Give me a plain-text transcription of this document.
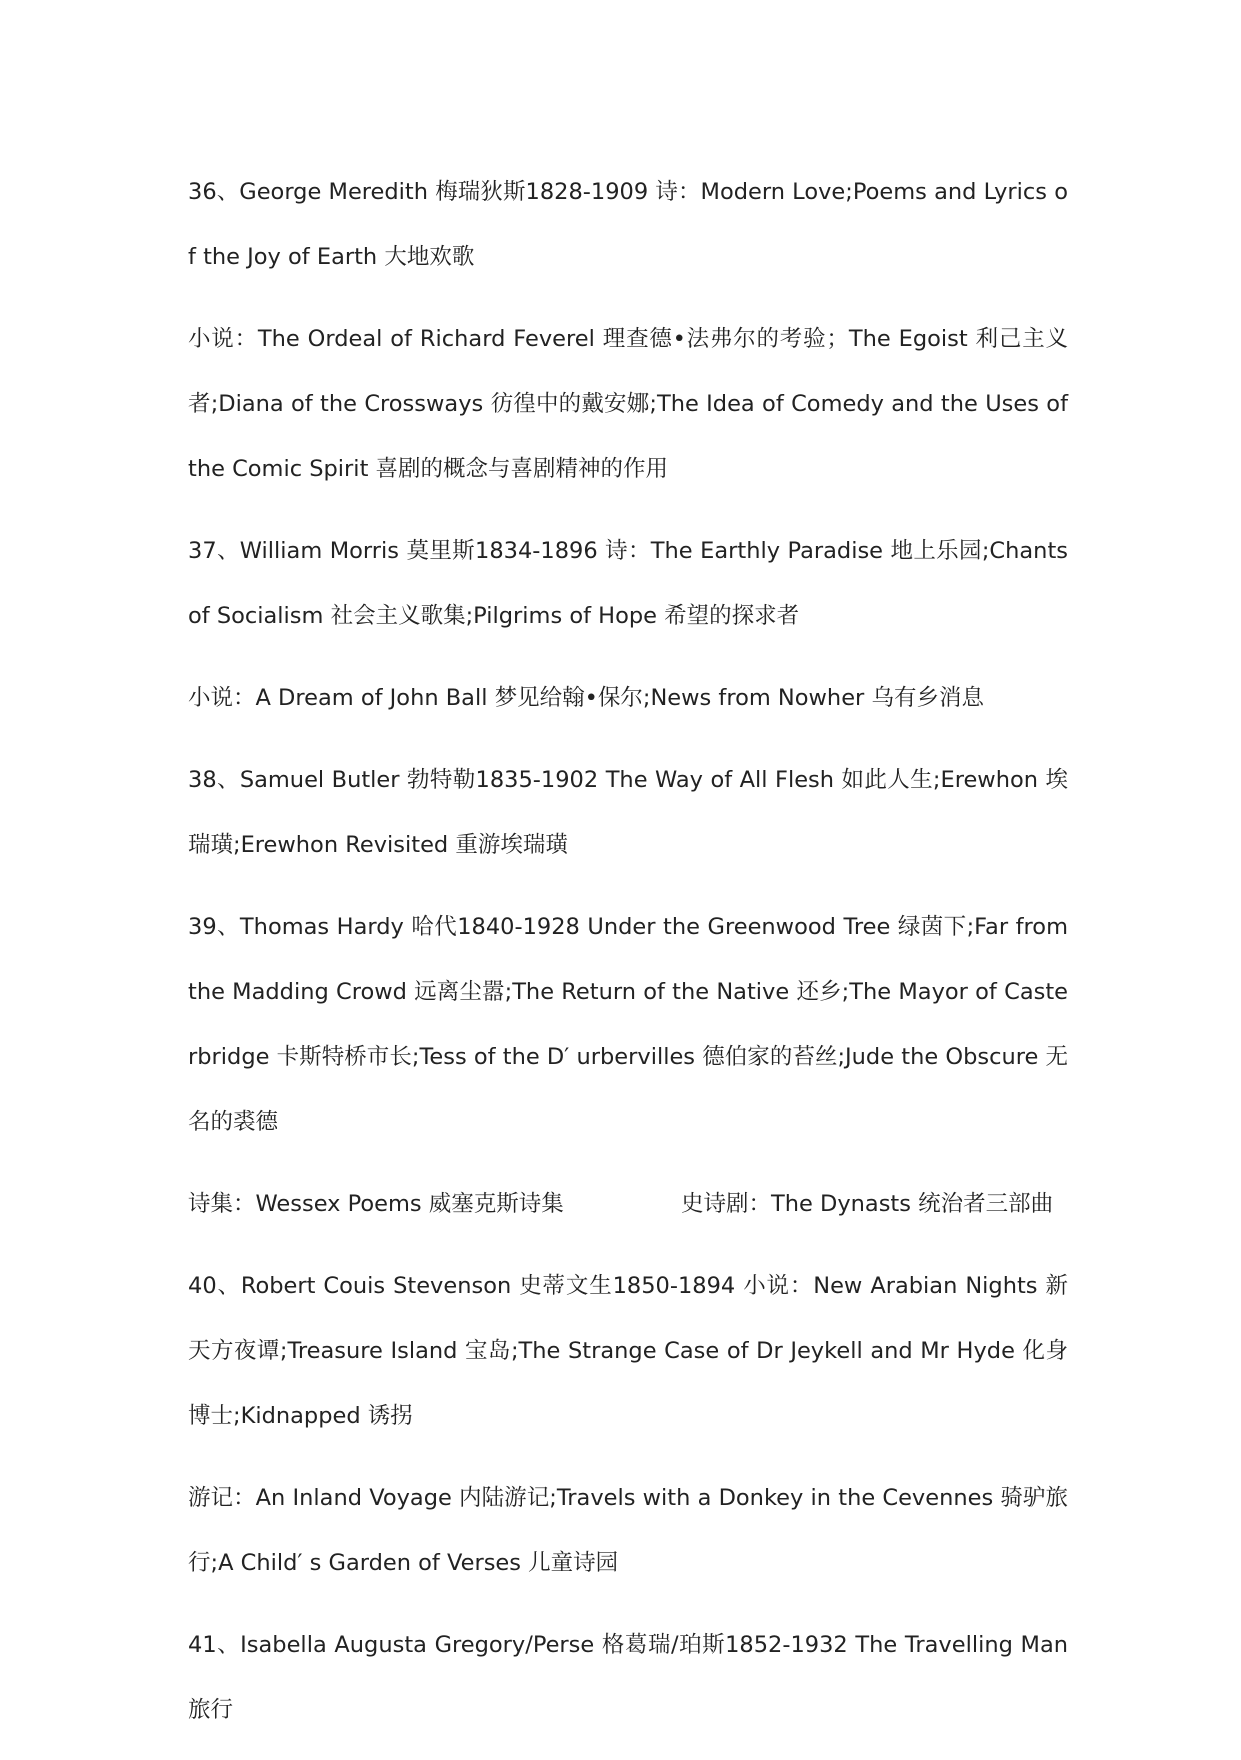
36、George Meredith 梅瑞狄斯1828-1909 诗：Modern Love;Poems and Lyrics of the Joy of Earth 大地欢歌

小说：The Ordeal of Richard Feverel 理查德•法弗尔的考验；The Egoist 利己主义者;Diana of the Crossways 彷徨中的戴安娜;The Idea of Comedy and the Uses of the Comic Spirit 喜剧的概念与喜剧精神的作用

37、William Morris 莫里斯1834-1896 诗：The Earthly Paradise 地上乐园;Chants of Socialism 社会主义歌集;Pilgrims of Hope 希望的探求者

小说：A Dream of John Ball 梦见给翰•保尔;News from Nowher 乌有乡消息

38、Samuel Butler 勃特勒1835-1902 The Way of All Flesh 如此人生;Erewhon 埃瑞璜;Erewhon Revisited 重游埃瑞璜

39、Thomas Hardy 哈代1840-1928 Under the Greenwood Tree 绿茵下;Far from the Madding Crowd 远离尘嚣;The Return of the Native 还乡;The Mayor of Casterbridge 卡斯特桥市长;Tess of the D′ urbervilles 德伯家的苔丝;Jude the Obscure 无名的裘德

诗集：Wessex Poems 威塞克斯诗集	史诗剧：The Dynasts 统治者三部曲

40、Robert Couis Stevenson 史蒂文生1850-1894 小说：New Arabian Nights 新天方夜谭;Treasure Island 宝岛;The Strange Case of Dr Jeykell and Mr Hyde 化身博士;Kidnapped 诱拐

游记：An Inland Voyage 内陆游记;Travels with a Donkey in the Cevennes 骑驴旅行;A Child′ s Garden of Verses 儿童诗园

41、Isabella Augusta Gregory/Perse 格葛瑞/珀斯1852-1932 The Travelling Man 旅行
